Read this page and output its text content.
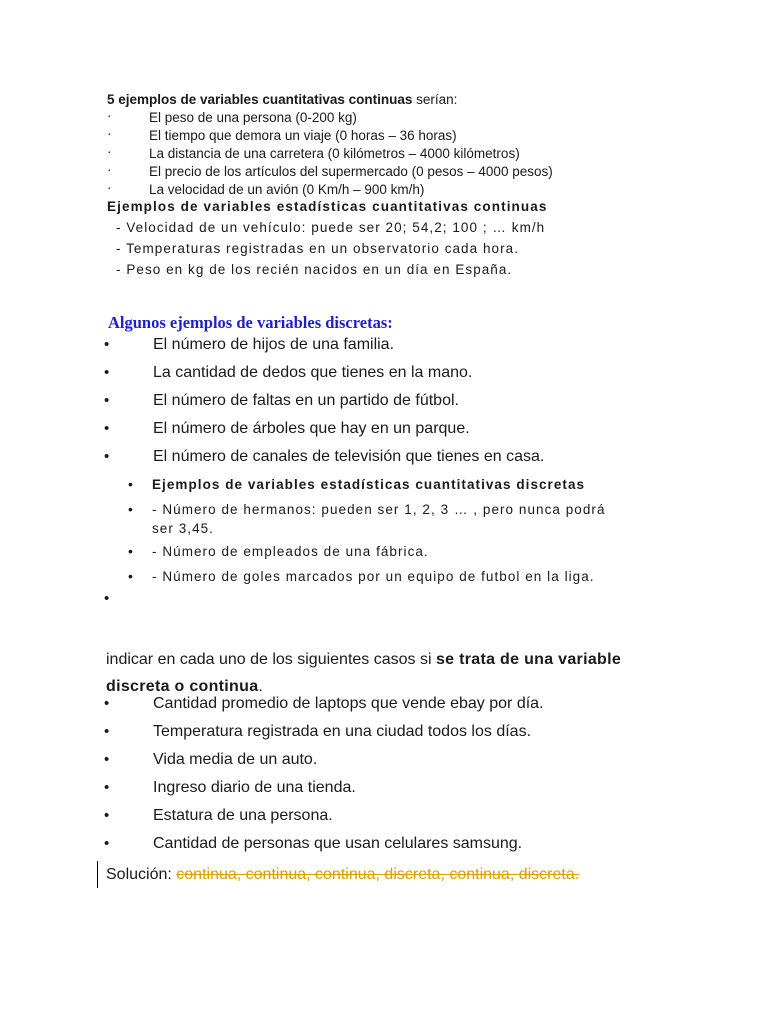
5 ejemplos de variables cuantitativas continuas serían:
·	El peso de una persona (0-200 kg)
·	El tiempo que demora un viaje (0 horas – 36 horas)
·	La distancia de una carretera (0 kilómetros – 4000 kilómetros)
·	El precio de los artículos del supermercado (0 pesos – 4000 pesos)
·	La velocidad de un avión (0 Km/h – 900 km/h)
Ejemplos de variables estadísticas cuantitativas continuas
- Velocidad de un vehículo: puede ser 20; 54,2; 100 ; … km/h
- Temperaturas registradas en un observatorio cada hora.
- Peso en kg de los recién nacidos en un día en España.
Algunos ejemplos de variables discretas:
•	El número de hijos de una familia.
•	La cantidad de dedos que tienes en la mano.
•	El número de faltas en un partido de fútbol.
•	El número de árboles que hay en un parque.
•	El número de canales de televisión que tienes en casa.
• Ejemplos de variables estadísticas cuantitativas discretas
• - Número de hermanos: pueden ser 1, 2, 3 … , pero nunca podrá
ser 3,45.
• - Número de empleados de una fábrica.
• - Número de goles marcados por un equipo de futbol en la liga.
•
indicar en cada uno de los siguientes casos si se trata de una variable discreta o continua.
•	Cantidad promedio de laptops que vende ebay por día.
•	Temperatura registrada en una ciudad todos los días.
•	Vida media de un auto.
•	Ingreso diario de una tienda.
•	Estatura de una persona.
•	Cantidad de personas que usan celulares samsung.
Solución: continua, continua, continua, discreta, continua, discreta.
